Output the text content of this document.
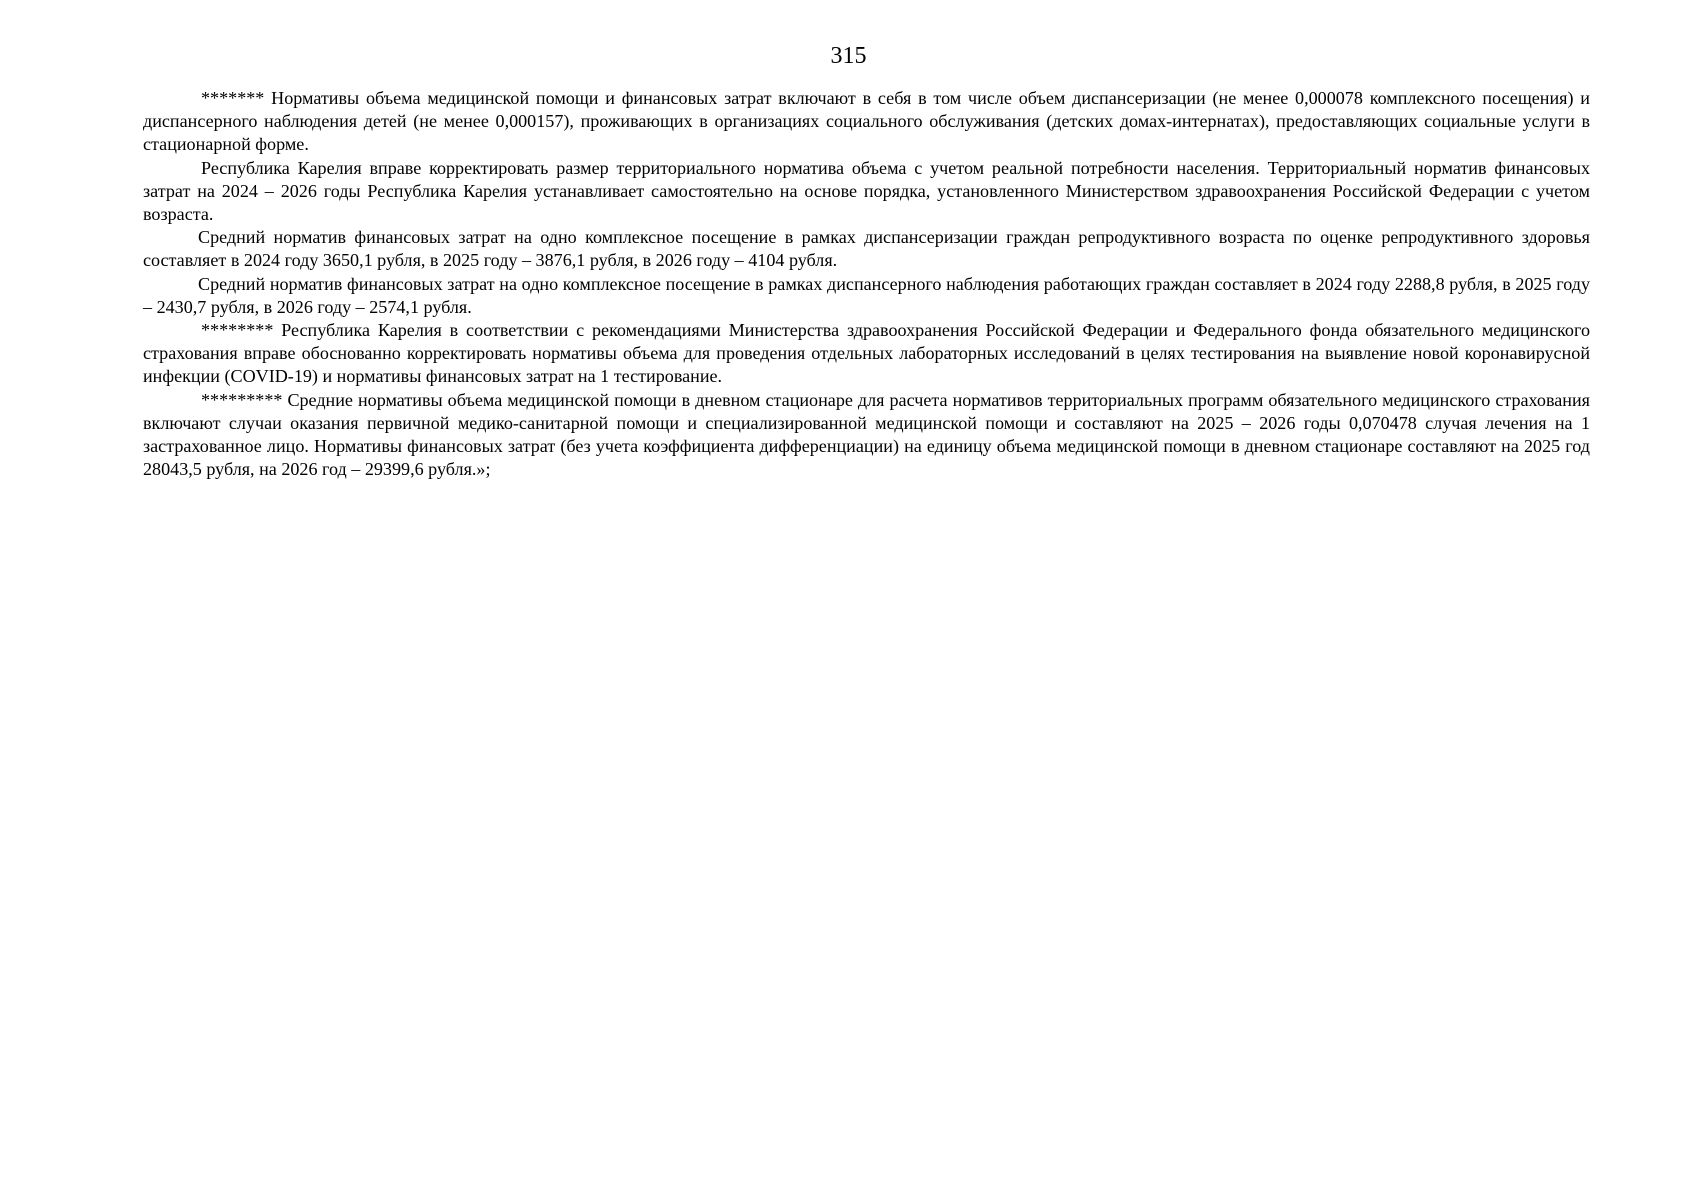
315

******* Нормативы объема медицинской помощи и финансовых затрат включают в себя в том числе объем диспансеризации (не менее 0,000078 комплексного посещения) и диспансерного наблюдения детей (не менее 0,000157), проживающих в организациях социального обслуживания (детских домах-интернатах), предоставляющих социальные услуги в стационарной форме.

Республика Карелия вправе корректировать размер территориального норматива объема с учетом реальной потребности населения. Территориальный норматив финансовых затрат на 2024 – 2026 годы Республика Карелия устанавливает самостоятельно на основе порядка, установленного Министерством здравоохранения Российской Федерации с учетом возраста.

Средний норматив финансовых затрат на одно комплексное посещение в рамках диспансеризации граждан репродуктивного возраста по оценке репродуктивного здоровья составляет в 2024 году 3650,1 рубля, в 2025 году – 3876,1 рубля, в 2026 году – 4104 рубля.

Средний норматив финансовых затрат на одно комплексное посещение в рамках диспансерного наблюдения работающих граждан составляет в 2024 году 2288,8 рубля, в 2025 году – 2430,7 рубля, в 2026 году – 2574,1 рубля.

******** Республика Карелия в соответствии с рекомендациями Министерства здравоохранения Российской Федерации и Федерального фонда обязательного медицинского страхования вправе обоснованно корректировать нормативы объема для проведения отдельных лабораторных исследований в целях тестирования на выявление новой коронавирусной инфекции (COVID-19) и нормативы финансовых затрат на 1 тестирование.

********* Средние нормативы объема медицинской помощи в дневном стационаре для расчета нормативов территориальных программ обязательного медицинского страхования включают случаи оказания первичной медико-санитарной помощи и специализированной медицинской помощи и составляют на 2025 – 2026 годы 0,070478 случая лечения на 1 застрахованное лицо. Нормативы финансовых затрат (без учета коэффициента дифференциации) на единицу объема медицинской помощи в дневном стационаре составляют на 2025 год 28043,5 рубля, на 2026 год – 29399,6 рубля.»;
